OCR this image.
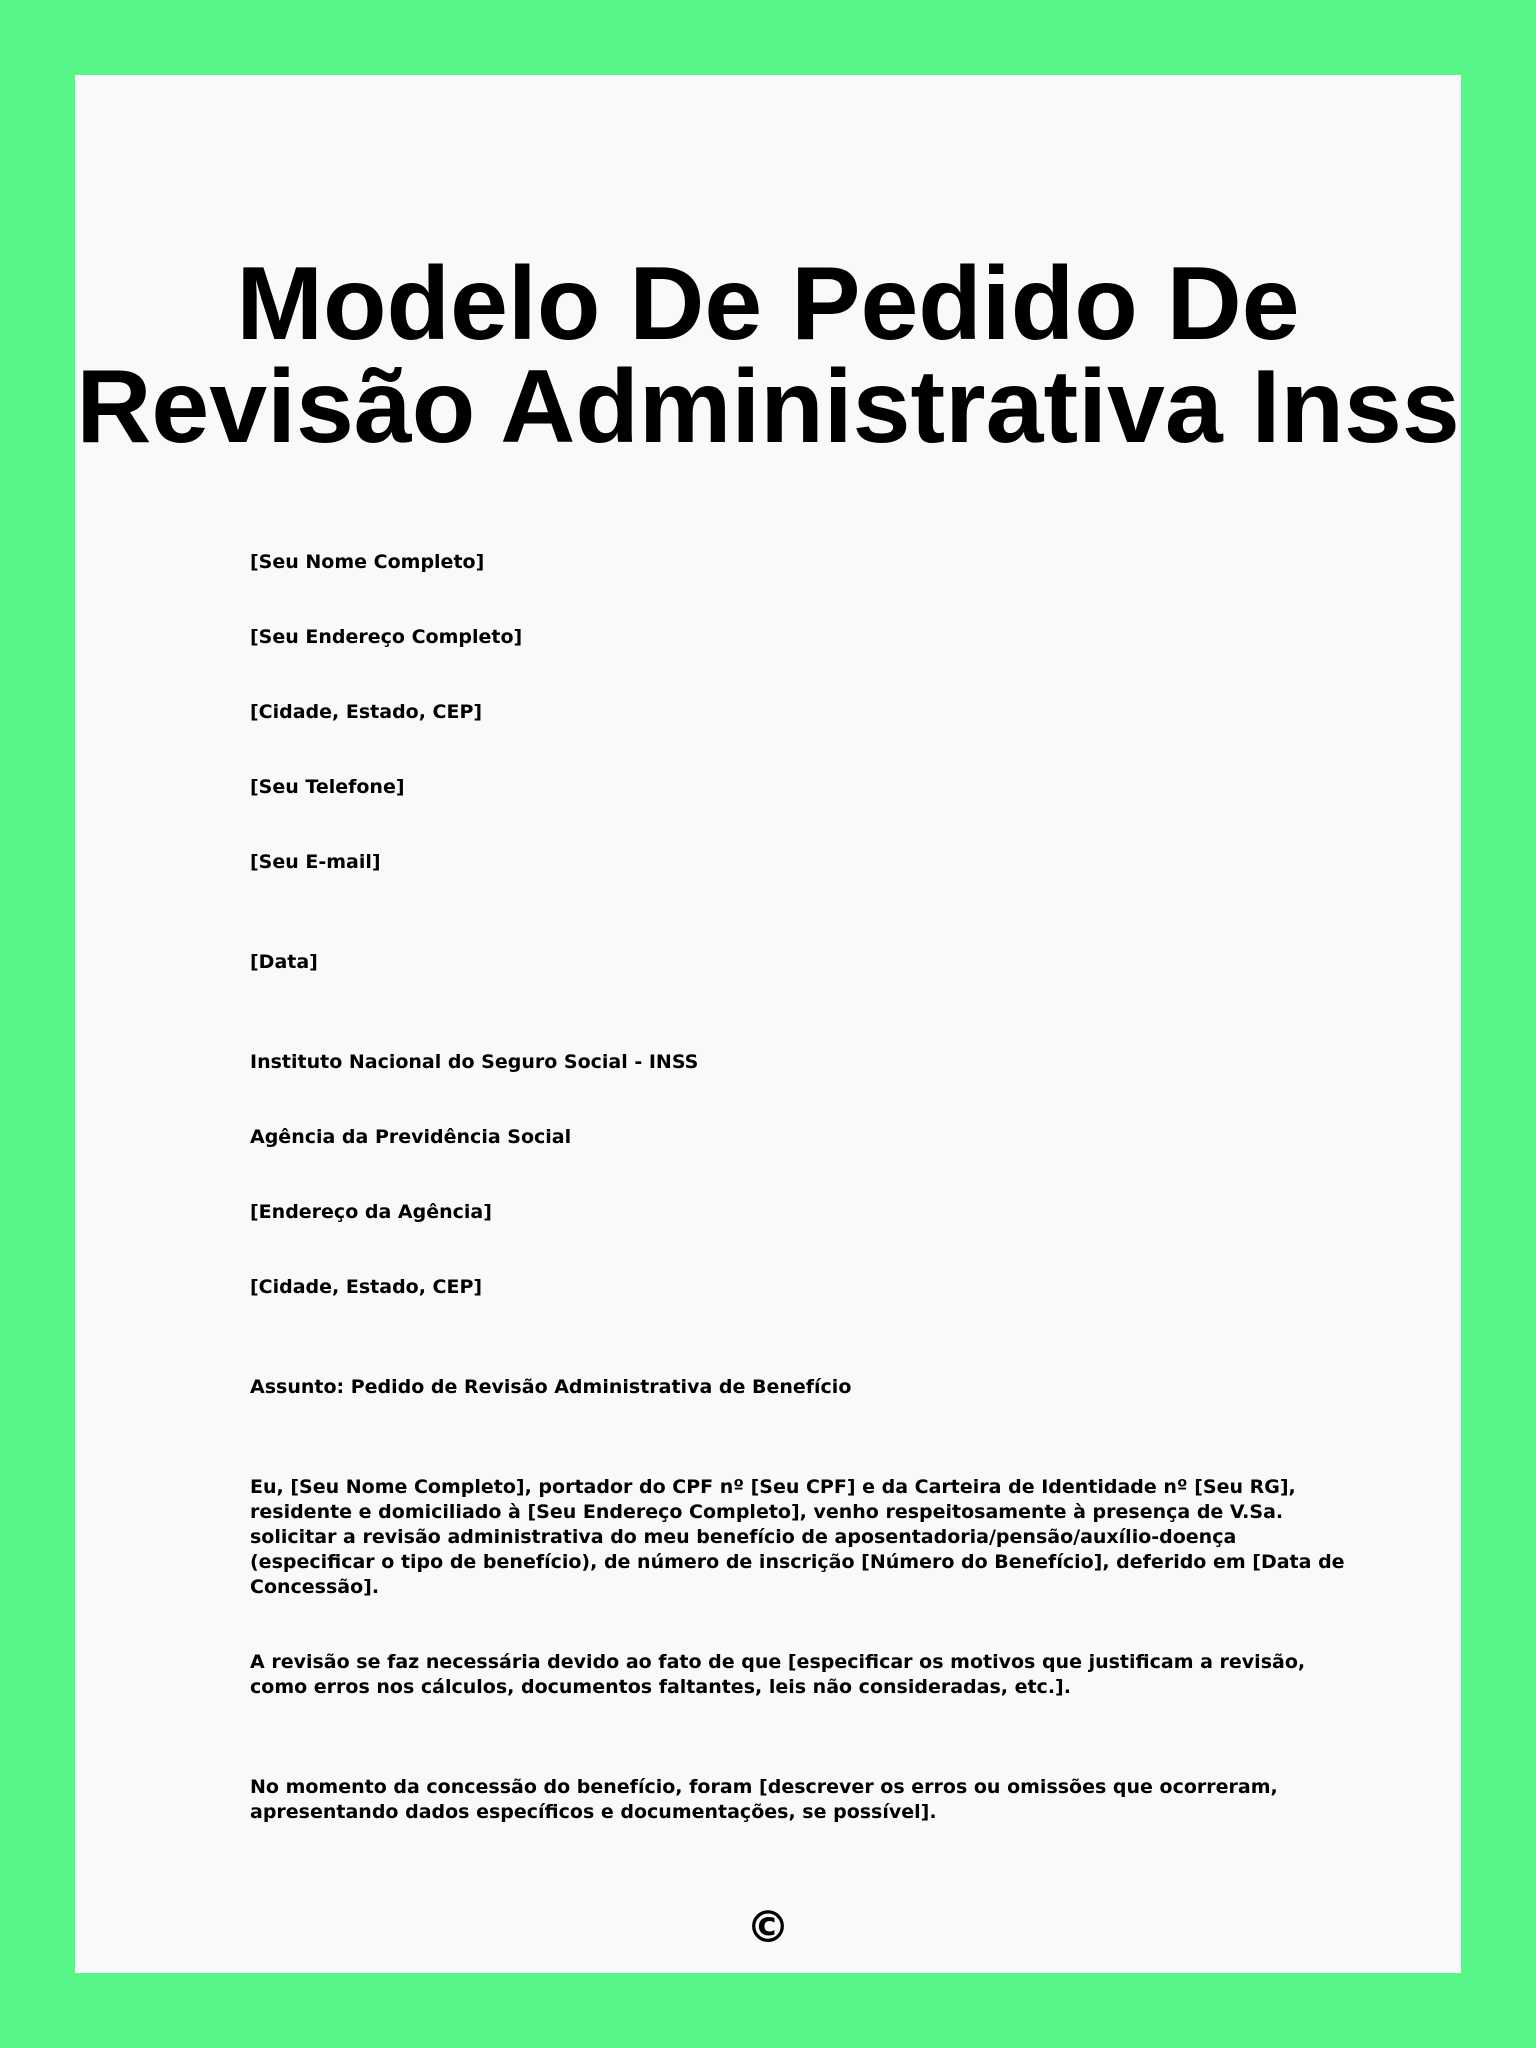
Modelo De Pedido De
Revisão Administrativa Inss

[Seu Nome Completo]

[Seu Endereço Completo]

[Cidade, Estado, CEP]

[Seu Telefone]

[Seu E-mail]

[Data]

Instituto Nacional do Seguro Social - INSS

Agência da Previdência Social

[Endereço da Agência]

[Cidade, Estado, CEP]

Assunto: Pedido de Revisão Administrativa de Benefício

Eu, [Seu Nome Completo], portador do CPF nº [Seu CPF] e da Carteira de Identidade nº [Seu RG], residente e domiciliado à [Seu Endereço Completo], venho respeitosamente à presença de V.Sa. solicitar a revisão administrativa do meu benefício de aposentadoria/pensão/auxílio-doença (especificar o tipo de benefício), de número de inscrição [Número do Benefício], deferido em [Data de Concessão].

A revisão se faz necessária devido ao fato de que [especificar os motivos que justificam a revisão, como erros nos cálculos, documentos faltantes, leis não consideradas, etc.].

No momento da concessão do benefício, foram [descrever os erros ou omissões que ocorreram, apresentando dados específicos e documentações, se possível].

©
